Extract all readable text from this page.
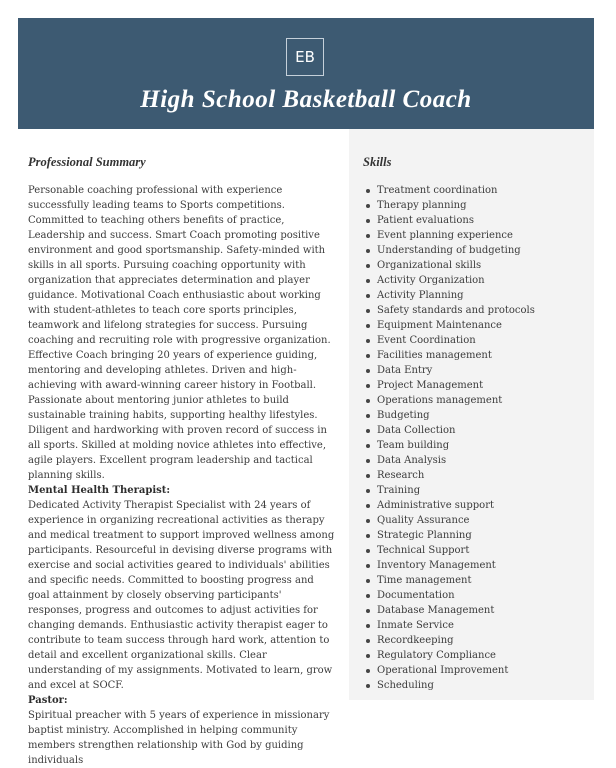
EB
High School Basketball Coach
Professional Summary

Personable coaching professional with experience successfully leading teams to Sports competitions. Committed to teaching others benefits of practice, Leadership and success. Smart Coach promoting positive environment and good sportsmanship. Safety-minded with skills in all sports. Pursuing coaching opportunity with organization that appreciates determination and player guidance. Motivational Coach enthusiastic about working with student-athletes to teach core sports principles, teamwork and lifelong strategies for success. Pursuing coaching and recruiting role with progressive organization. Effective Coach bringing 20 years of experience guiding, mentoring and developing athletes. Driven and high-achieving with award-winning career history in Football. Passionate about mentoring junior athletes to build sustainable training habits, supporting healthy lifestyles. Diligent and hardworking with proven record of success in all sports. Skilled at molding novice athletes into effective, agile players. Excellent program leadership and tactical planning skills.

Mental Health Therapist:

Dedicated Activity Therapist Specialist with 24 years of experience in organizing recreational activities as therapy and medical treatment to support improved wellness among participants. Resourceful in devising diverse programs with exercise and social activities geared to individuals' abilities and specific needs. Committed to boosting progress and goal attainment by closely observing participants' responses, progress and outcomes to adjust activities for changing demands. Enthusiastic activity therapist eager to contribute to team success through hard work, attention to detail and excellent organizational skills. Clear understanding of my assignments. Motivated to learn, grow and excel at SOCF.

Pastor:

Spiritual preacher with 5 years of experience in missionary baptist ministry. Accomplished in helping community members strengthen relationship with God by guiding individuals

Skills
Treatment coordination
Therapy planning
Patient evaluations
Event planning experience
Understanding of budgeting
Organizational skills
Activity Organization
Activity Planning
Safety standards and protocols
Equipment Maintenance
Event Coordination
Facilities management
Data Entry
Project Management
Operations management
Budgeting
Data Collection
Team building
Data Analysis
Research
Training
Administrative support
Quality Assurance
Strategic Planning
Technical Support
Inventory Management
Time management
Documentation
Database Management
Inmate Service
Recordkeeping
Regulatory Compliance
Operational Improvement
Scheduling
